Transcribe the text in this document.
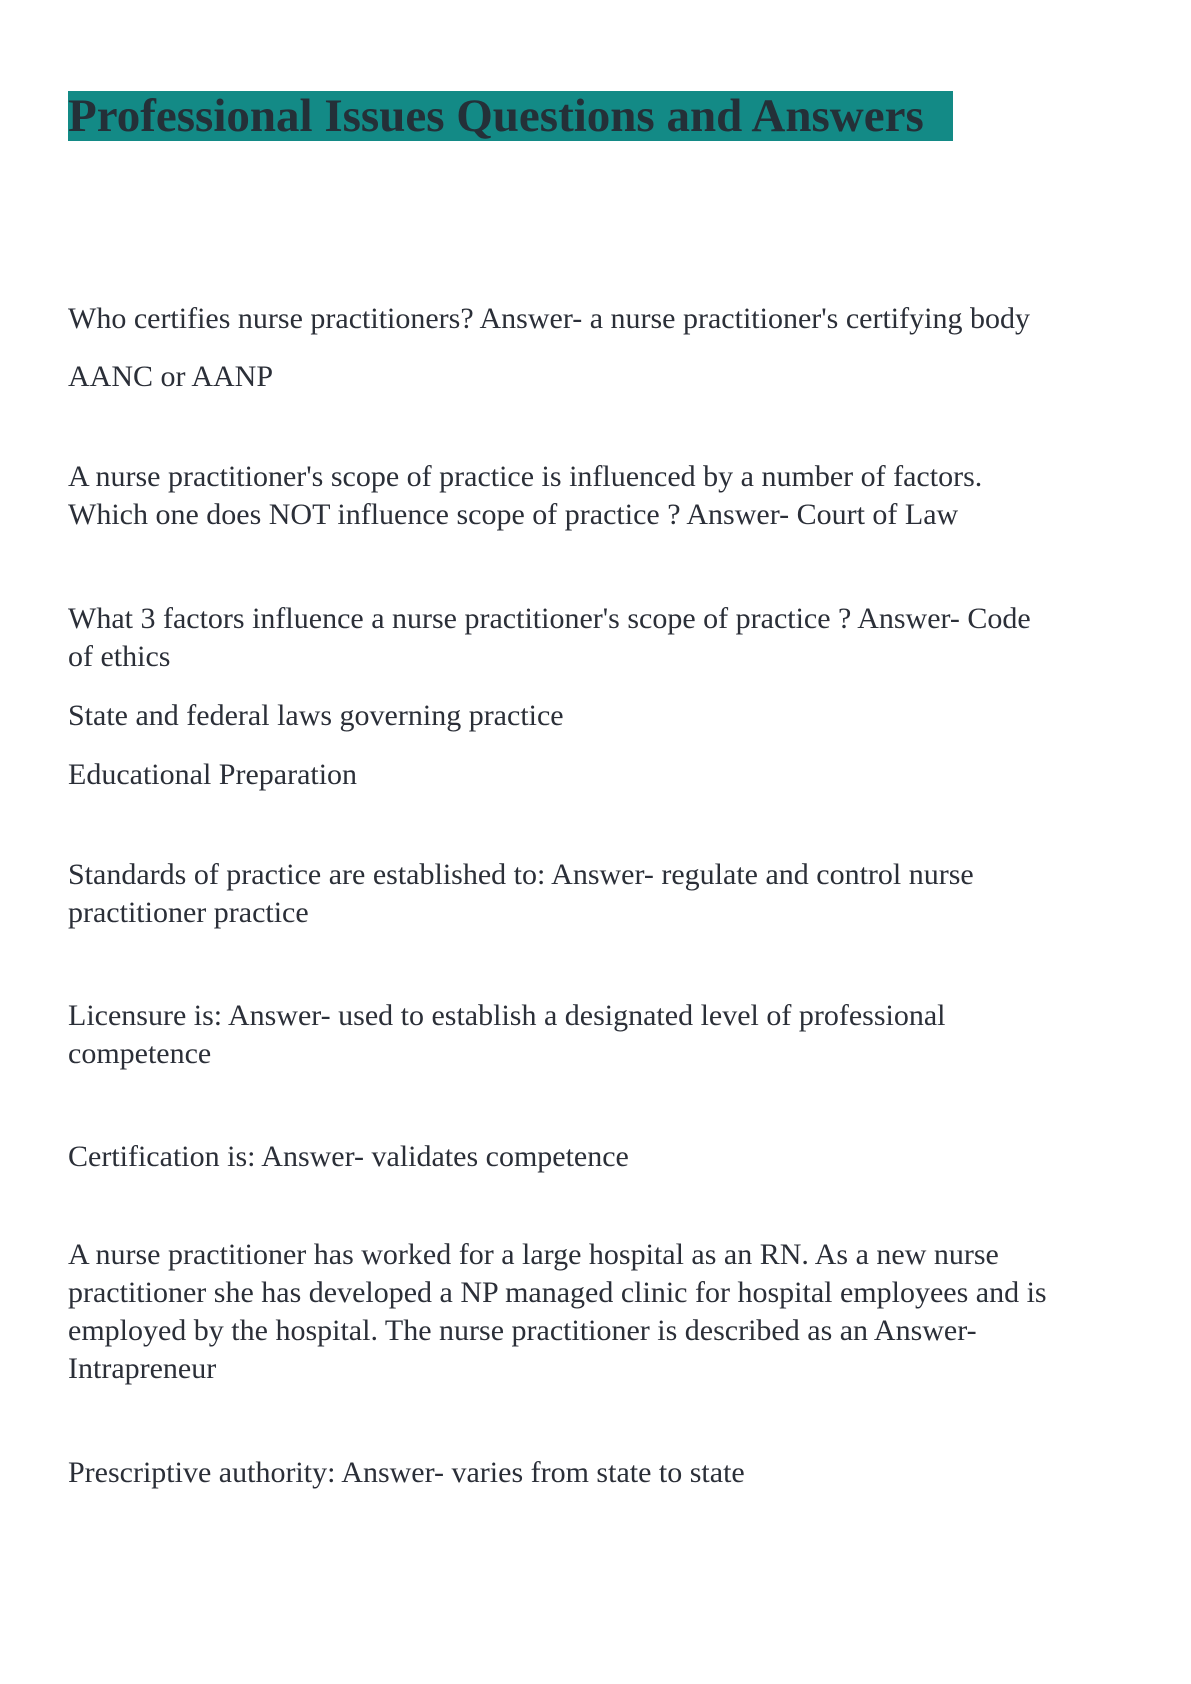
Professional Issues Questions and Answers

Who certifies nurse practitioners? Answer- a nurse practitioner's certifying body

AANC or AANP

A nurse practitioner's scope of practice is influenced by a number of factors.
Which one does NOT influence scope of practice ? Answer- Court of Law

What 3 factors influence a nurse practitioner's scope of practice ? Answer- Code
of ethics

State and federal laws governing practice

Educational Preparation

Standards of practice are established to: Answer- regulate and control nurse
practitioner practice

Licensure is: Answer- used to establish a designated level of professional
competence

Certification is: Answer- validates competence

A nurse practitioner has worked for a large hospital as an RN. As a new nurse
practitioner she has developed a NP managed clinic for hospital employees and is
employed by the hospital. The nurse practitioner is described as an Answer-
Intrapreneur

Prescriptive authority: Answer- varies from state to state
